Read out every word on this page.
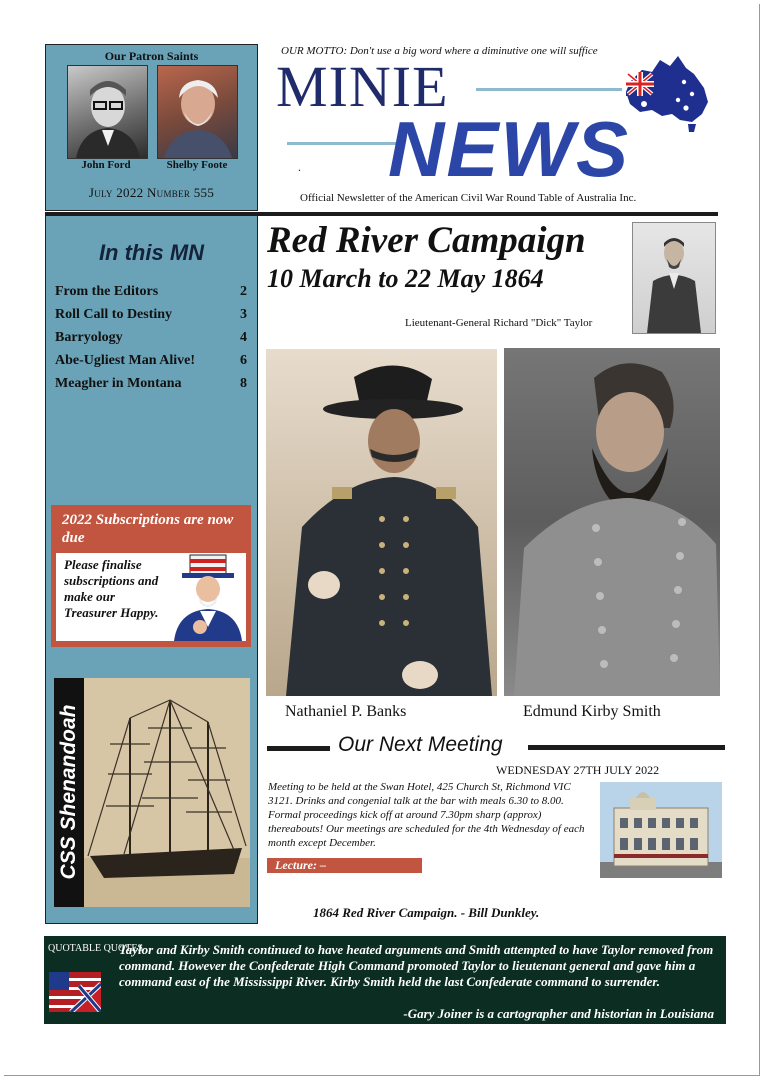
Our Patron Saints
John Ford	Shelby Foote
July 2022 Number 555
OUR MOTTO: Don't use a big word where a diminutive one will suffice
MINIE
NEWS
.
Official Newsletter of the American Civil War Round Table of Australia Inc.
In this MN
From the Editors	2
Roll Call to Destiny	3
Barryology	4
Abe-Ugliest Man Alive!	6
Meagher in Montana	8
2022 Subscriptions are now due
Please finalise subscriptions and make our Treasurer Happy.
CSS Shenandoah
Red River Campaign
10 March to 22 May 1864
Lieutenant-General Richard "Dick" Taylor
Nathaniel P. Banks	Edmund Kirby Smith
Our Next Meeting
WEDNESDAY 27TH JULY 2022
Meeting to be held at the Swan Hotel, 425 Church St, Richmond VIC 3121. Drinks and congenial talk at the bar with meals 6.30 to 8.00. Formal proceedings kick off at around 7.30pm sharp (approx) thereabouts! Our meetings are scheduled for the 4th Wednesday of each month except December.
Lecture: –
1864 Red River Campaign. - Bill Dunkley.
QUOTABLE QUOTES
Taylor and Kirby Smith continued to have heated arguments and Smith attempted to have Taylor removed from command. However the Confederate High Command promoted Taylor to lieutenant general and gave him a command east of the Mississippi River. Kirby Smith held the last Confederate command to surrender.
-Gary Joiner is a cartographer and historian in Louisiana
